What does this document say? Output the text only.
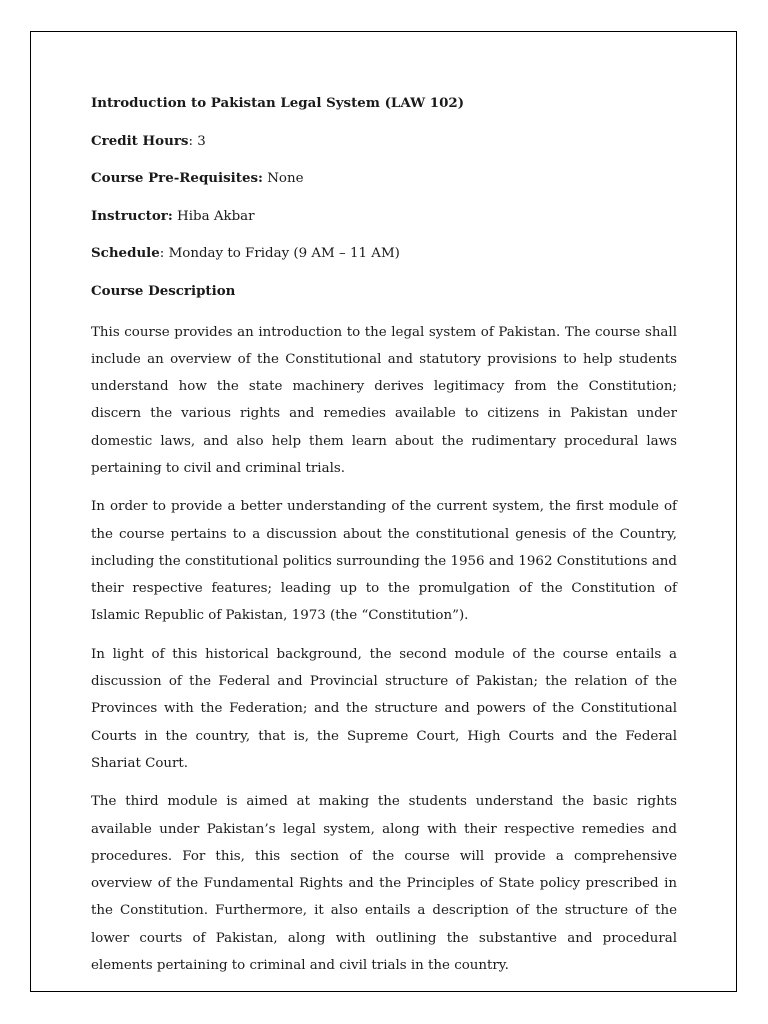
Introduction to Pakistan Legal System (LAW 102)

Credit Hours: 3

Course Pre-Requisites: None

Instructor: Hiba Akbar

Schedule: Monday to Friday (9 AM – 11 AM)

Course Description

This course provides an introduction to the legal system of Pakistan. The course shall include an overview of the Constitutional and statutory provisions to help students understand how the state machinery derives legitimacy from the Constitution; discern the various rights and remedies available to citizens in Pakistan under domestic laws, and also help them learn about the rudimentary procedural laws pertaining to civil and criminal trials.

In order to provide a better understanding of the current system, the first module of the course pertains to a discussion about the constitutional genesis of the Country, including the constitutional politics surrounding the 1956 and 1962 Constitutions and their respective features; leading up to the promulgation of the Constitution of Islamic Republic of Pakistan, 1973 (the “Constitution”).

In light of this historical background, the second module of the course entails a discussion of the Federal and Provincial structure of Pakistan; the relation of the Provinces with the Federation; and the structure and powers of the Constitutional Courts in the country, that is, the Supreme Court, High Courts and the Federal Shariat Court.

The third module is aimed at making the students understand the basic rights available under Pakistan’s legal system, along with their respective remedies and procedures. For this, this section of the course will provide a comprehensive overview of the Fundamental Rights and the Principles of State policy prescribed in the Constitution. Furthermore, it also entails a description of the structure of the lower courts of Pakistan, along with outlining the substantive and procedural elements pertaining to criminal and civil trials in the country.
